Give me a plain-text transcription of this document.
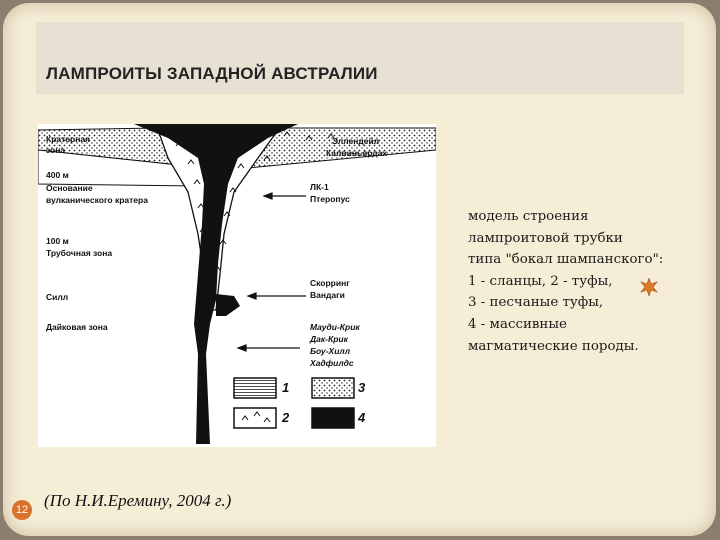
ЛАМПРОИТЫ ЗАПАДНОЙ АВСТРАЛИИ
Кратерная
зона
400 м
Основание
вулканического кратера
100 м
Трубочная зона
Силл
Дайковая зона
Эллендейл
Калвиньярдах
ЛК-1
Птеропус
Скорринг
Вандаги
Мауди-Крик
Дак-Крик
Боу-Хилл
Хадфилдс
1
2
3
4
модель строения
лампроитовой трубки
типа "бокал шампанского":
1 - сланцы, 2 - туфы,
3 - песчаные туфы,
4 - массивные
магматические породы.
12 (По Н.И.Еремину, 2004 г.)
